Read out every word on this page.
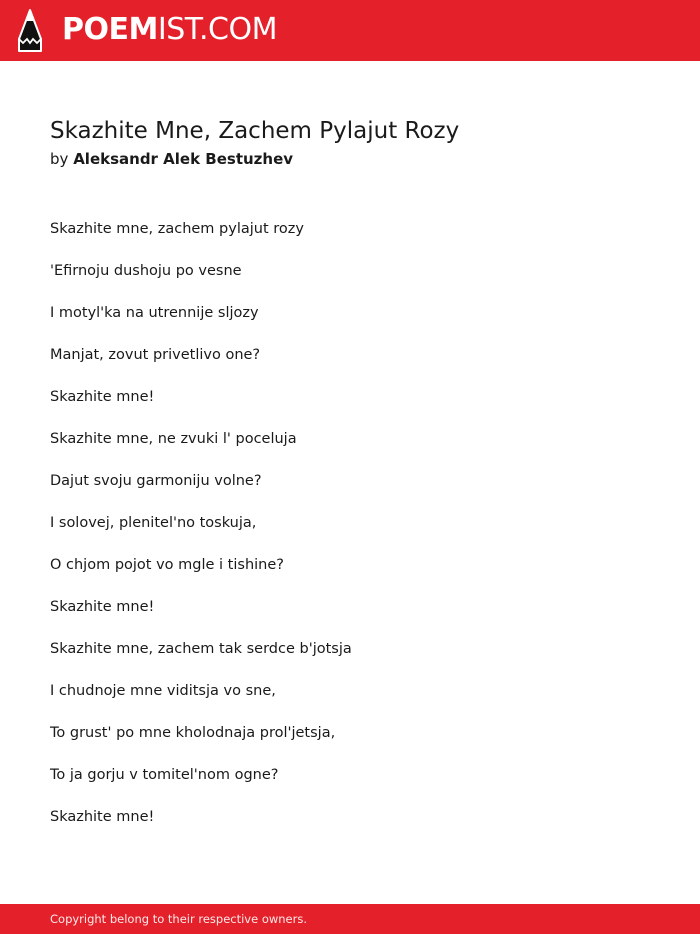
POEMIST.COM
Skazhite Mne, Zachem Pylajut Rozy
by Aleksandr Alek Bestuzhev
Skazhite mne, zachem pylajut rozy
'Efirnoju dushoju po vesne
I motyl'ka na utrennije sljozy
Manjat, zovut privetlivo one?
Skazhite mne!
Skazhite mne, ne zvuki l' poceluja
Dajut svoju garmoniju volne?
I solovej, plenitel'no toskuja,
O chjom pojot vo mgle i tishine?
Skazhite mne!
Skazhite mne, zachem tak serdce b'jotsja
I chudnoje mne viditsja vo sne,
To grust' po mne kholodnaja prol'jetsja,
To ja gorju v tomitel'nom ogne?
Skazhite mne!
Copyright belong to their respective owners.
